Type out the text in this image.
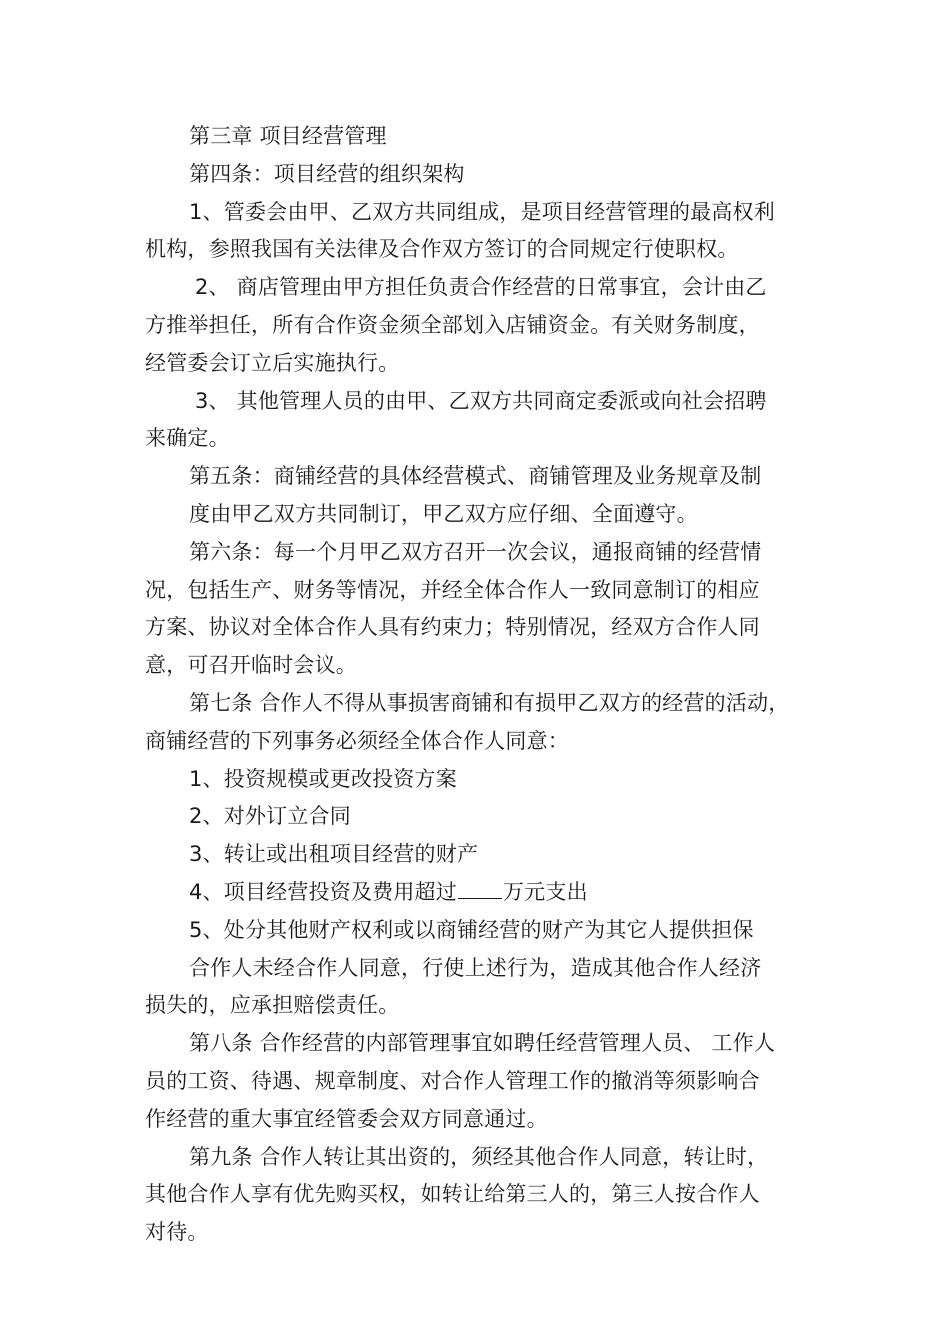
第三章 项目经营管理
第四条：项目经营的组织架构
1、管委会由甲、乙双方共同组成，是项目经营管理的最高权利
机构，参照我国有关法律及合作双方签订的合同规定行使职权。
2、 商店管理由甲方担任负责合作经营的日常事宜，会计由乙
方推举担任，所有合作资金须全部划入店铺资金。有关财务制度，
经管委会订立后实施执行。
3、 其他管理人员的由甲、乙双方共同商定委派或向社会招聘
来确定。
第五条：商铺经营的具体经营模式、商铺管理及业务规章及制
度由甲乙双方共同制订，甲乙双方应仔细、全面遵守。
第六条：每一个月甲乙双方召开一次会议，通报商铺的经营情
况，包括生产、财务等情况，并经全体合作人一致同意制订的相应
方案、协议对全体合作人具有约束力；特别情况，经双方合作人同
意，可召开临时会议。
第七条 合作人不得从事损害商铺和有损甲乙双方的经营的活动，
商铺经营的下列事务必须经全体合作人同意：
1、投资规模或更改投资方案
2、对外订立合同
3、转让或出租项目经营的财产
4、项目经营投资及费用超过 万元支出
5、处分其他财产权利或以商铺经营的财产为其它人提供担保
合作人未经合作人同意，行使上述行为，造成其他合作人经济
损失的，应承担赔偿责任。
第八条 合作经营的内部管理事宜如聘任经营管理人员、 工作人
员的工资、待遇、规章制度、对合作人管理工作的撤消等须影响合
作经营的重大事宜经管委会双方同意通过。
第九条 合作人转让其出资的，须经其他合作人同意，转让时，
其他合作人享有优先购买权，如转让给第三人的，第三人按合作人
对待。
